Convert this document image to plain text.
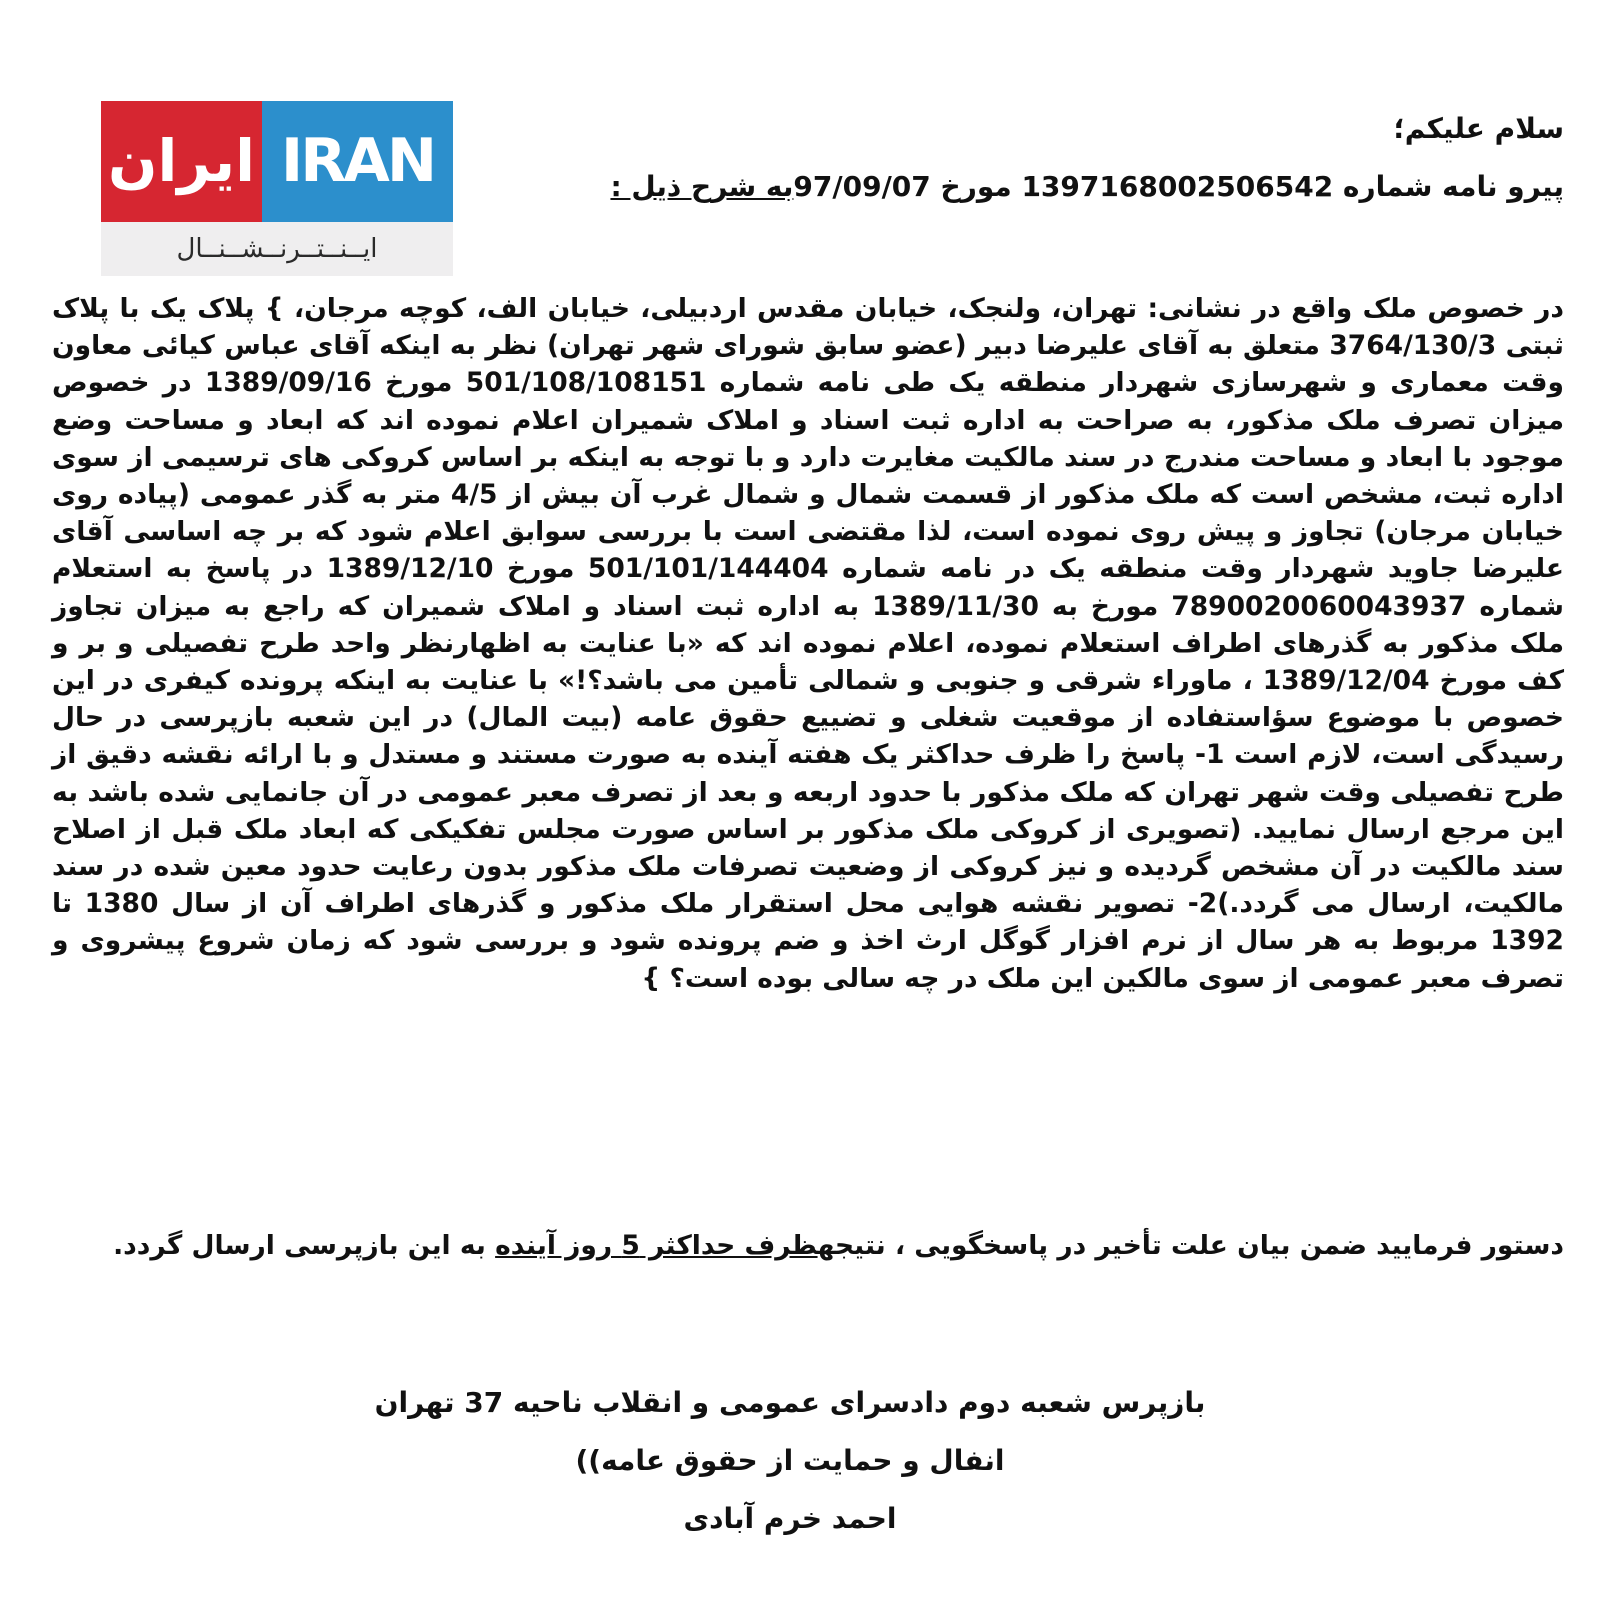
ایران IRAN
ایــنــتــرنــشــنــال
سلام علیکم؛
پیرو نامه شماره 1397168002506542 مورخ 97/09/07به شرح ذیل :
در خصوص ملک واقع در نشانی: تهران، ولنجک، خیابان مقدس اردبیلی، خیابان الف، کوچه مرجان، } پلاک یک با پلاک ثبتی 3764/130/3 متعلق به آقای علیرضا دبیر (عضو سابق شورای شهر تهران) نظر به اینکه آقای عباس کیائی معاون وقت معماری و شهرسازی شهردار منطقه یک طی نامه شماره 501/108/108151 مورخ 1389/09/16 در خصوص میزان تصرف ملک مذکور، به صراحت به اداره ثبت اسناد و املاک شمیران اعلام نموده اند که ابعاد و مساحت وضع موجود با ابعاد و مساحت مندرج در سند مالکیت مغایرت دارد و با توجه به اینکه بر اساس کروکی های ترسیمی از سوی اداره ثبت، مشخص است که ملک مذکور از قسمت شمال و شمال غرب آن بیش از 4/5 متر به گذر عمومی (پیاده روی خیابان مرجان) تجاوز و پیش روی نموده است، لذا مقتضی است با بررسی سوابق اعلام شود که بر چه اساسی آقای علیرضا جاوید شهردار وقت منطقه یک در نامه شماره 501/101/144404 مورخ 1389/12/10 در پاسخ به استعلام شماره 7890020060043937 مورخ به 1389/11/30 به اداره ثبت اسناد و املاک شمیران که راجع به میزان تجاوز ملک مذکور به گذرهای اطراف استعلام نموده، اعلام نموده اند که «با عنایت به اظهارنظر واحد طرح تفصیلی و بر و کف مورخ 1389/12/04 ، ماوراء شرقی و جنوبی و شمالی تأمین می باشد؟!» با عنایت به اینکه پرونده کیفری در این خصوص با موضوع سؤاستفاده از موقعیت شغلی و تضییع حقوق عامه (بیت المال) در این شعبه بازپرسی در حال رسیدگی است، لازم است 1- پاسخ را ظرف حداکثر یک هفته آینده به صورت مستند و مستدل و با ارائه نقشه دقیق از طرح تفصیلی وقت شهر تهران که ملک مذکور با حدود اربعه و بعد از تصرف معبر عمومی در آن جانمایی شده باشد به این مرجع ارسال نمایید. (تصویری از کروکی ملک مذکور بر اساس صورت مجلس تفکیکی که ابعاد ملک قبل از اصلاح سند مالکیت در آن مشخص گردیده و نیز کروکی از وضعیت تصرفات ملک مذکور بدون رعایت حدود معین شده در سند مالکیت، ارسال می گردد.)2- تصویر نقشه هوایی محل استقرار ملک مذکور و گذرهای اطراف آن از سال 1380 تا 1392 مربوط به هر سال از نرم افزار گوگل ارث اخذ و ضم پرونده شود و بررسی شود که زمان شروع پیشروی و تصرف معبر عمومی از سوی مالکین این ملک در چه سالی بوده است؟ }
دستور فرمایید ضمن بیان علت تأخیر در پاسخگویی ، نتیجهظرف حداکثر 5 روز آینده به این بازپرسی ارسال گردد.
بازپرس شعبه دوم دادسرای عمومی و انقلاب ناحیه 37 تهران
انفال و حمایت از حقوق عامه))
احمد خرم آبادی
